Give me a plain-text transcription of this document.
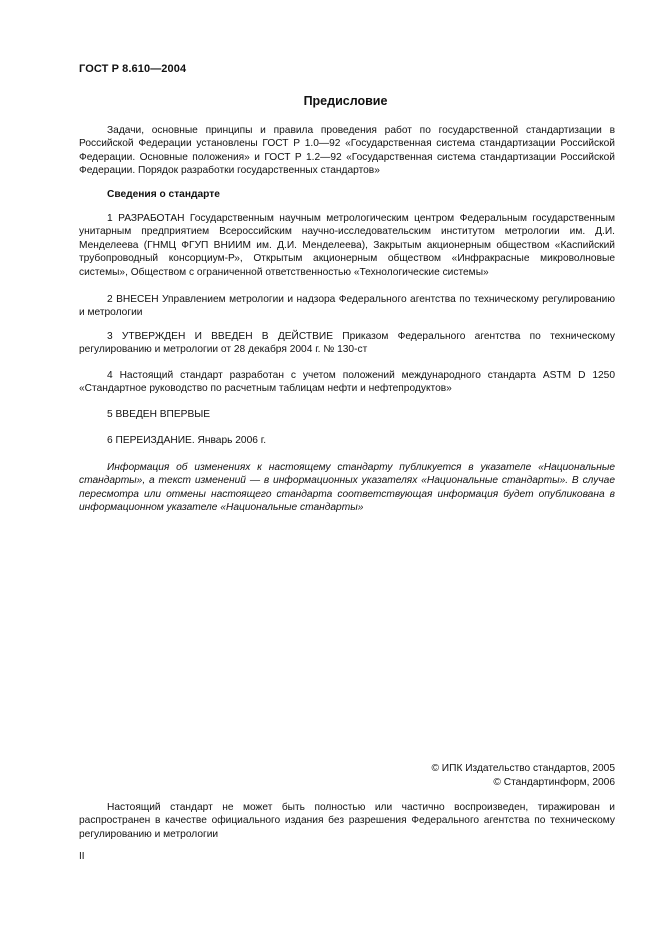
ГОСТ Р 8.610—2004
Предисловие

Задачи, основные принципы и правила проведения работ по государственной стандартизации в Российской Федерации установлены ГОСТ Р 1.0—92 «Государственная система стандартизации Российской Федерации. Основные положения» и ГОСТ Р 1.2—92 «Государственная система стандартизации Российской Федерации. Порядок разработки государственных стандартов»

Сведения о стандарте

1 РАЗРАБОТАН Государственным научным метрологическим центром Федеральным государственным унитарным предприятием Всероссийским научно-исследовательским институтом метрологии им. Д.И. Менделеева (ГНМЦ ФГУП ВНИИМ им. Д.И. Менделеева), Закрытым акционерным обществом «Каспийский трубопроводный консорциум-Р», Открытым акционерным обществом «Инфракрасные микроволновые системы», Обществом с ограниченной ответственностью «Технологические системы»

2 ВНЕСЕН Управлением метрологии и надзора Федерального агентства по техническому регулированию и метрологии

3 УТВЕРЖДЕН И ВВЕДЕН В ДЕЙСТВИЕ Приказом Федерального агентства по техническому регулированию и метрологии от 28 декабря 2004 г. № 130-ст

4 Настоящий стандарт разработан с учетом положений международного стандарта ASTM D 1250 «Стандартное руководство по расчетным таблицам нефти и нефтепродуктов»

5 ВВЕДЕН ВПЕРВЫЕ

6 ПЕРЕИЗДАНИЕ. Январь 2006 г.

Информация об изменениях к настоящему стандарту публикуется в указателе «Национальные стандарты», а текст изменений — в информационных указателях «Национальные стандарты». В случае пересмотра или отмены настоящего стандарта соответствующая информация будет опубликована в информационном указателе «Национальные стандарты»

© ИПК Издательство стандартов, 2005
© Стандартинформ, 2006

Настоящий стандарт не может быть полностью или частично воспроизведен, тиражирован и распространен в качестве официального издания без разрешения Федерального агентства по техническому регулированию и метрологии

II
